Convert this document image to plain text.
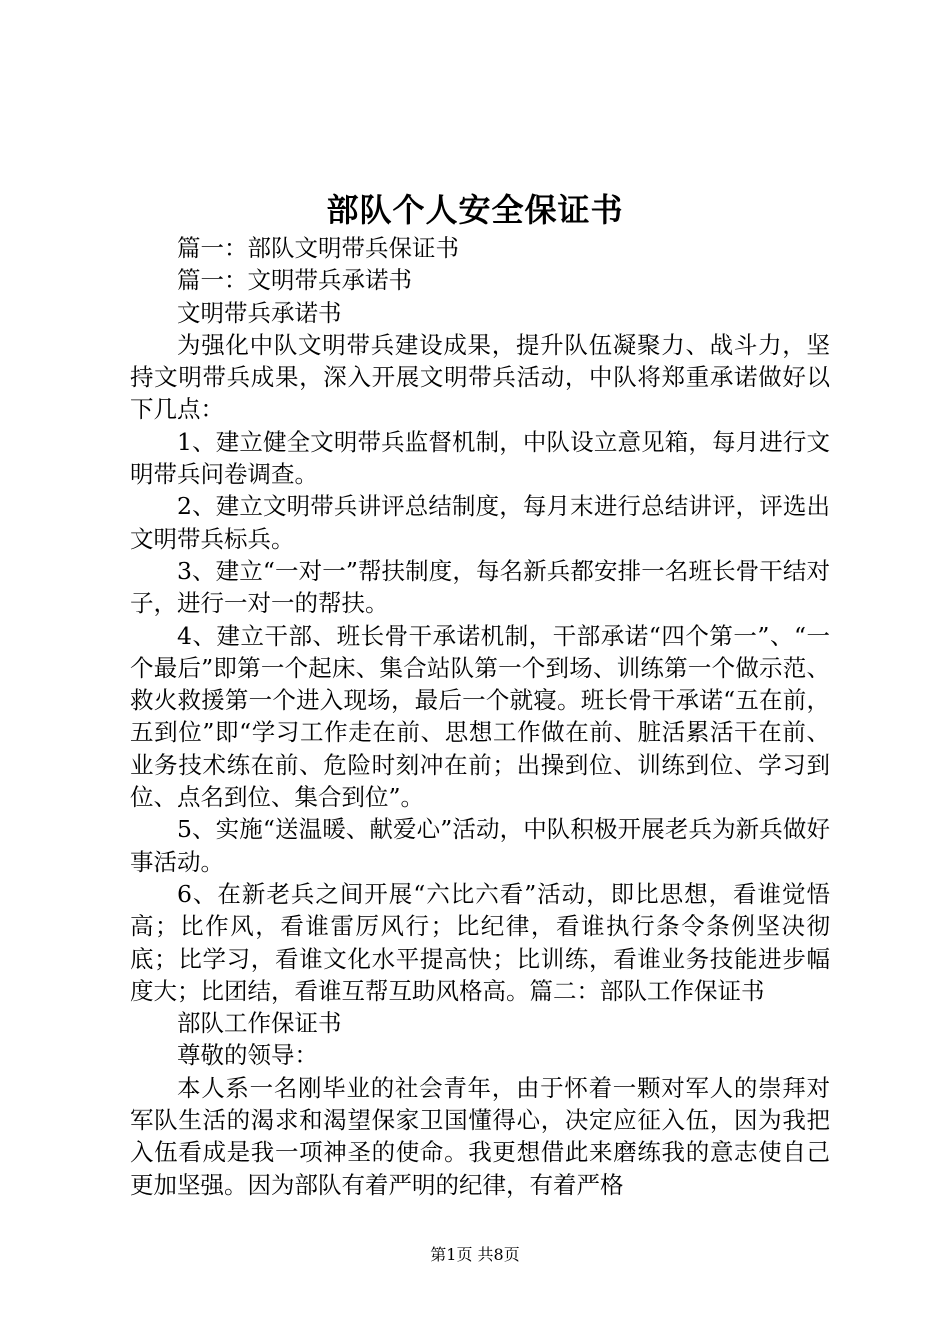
部队个人安全保证书

篇一：部队文明带兵保证书

篇一：文明带兵承诺书

文明带兵承诺书

为强化中队文明带兵建设成果，提升队伍凝聚力、战斗力，坚持文明带兵成果，深入开展文明带兵活动，中队将郑重承诺做好以下几点：

1、建立健全文明带兵监督机制，中队设立意见箱，每月进行文明带兵问卷调查。

2、建立文明带兵讲评总结制度，每月末进行总结讲评，评选出文明带兵标兵。

3、建立“一对一”帮扶制度，每名新兵都安排一名班长骨干结对子，进行一对一的帮扶。

4、建立干部、班长骨干承诺机制，干部承诺“四个第一”、“一个最后”即第一个起床、集合站队第一个到场、训练第一个做示范、救火救援第一个进入现场，最后一个就寝。班长骨干承诺“五在前，五到位”即“学习工作走在前、思想工作做在前、脏活累活干在前、业务技术练在前、危险时刻冲在前；出操到位、训练到位、学习到位、点名到位、集合到位”。

5、实施“送温暖、献爱心”活动，中队积极开展老兵为新兵做好事活动。

6、在新老兵之间开展“六比六看”活动，即比思想，看谁觉悟高；比作风，看谁雷厉风行；比纪律，看谁执行条令条例坚决彻底；比学习，看谁文化水平提高快；比训练，看谁业务技能进步幅度大；比团结，看谁互帮互助风格高。篇二：部队工作保证书

部队工作保证书

尊敬的领导：

本人系一名刚毕业的社会青年，由于怀着一颗对军人的崇拜对军队生活的渴求和渴望保家卫国懂得心，决定应征入伍，因为我把入伍看成是我一项神圣的使命。我更想借此来磨练我的意志使自己更加坚强。因为部队有着严明的纪律，有着严格

第1页 共8页
